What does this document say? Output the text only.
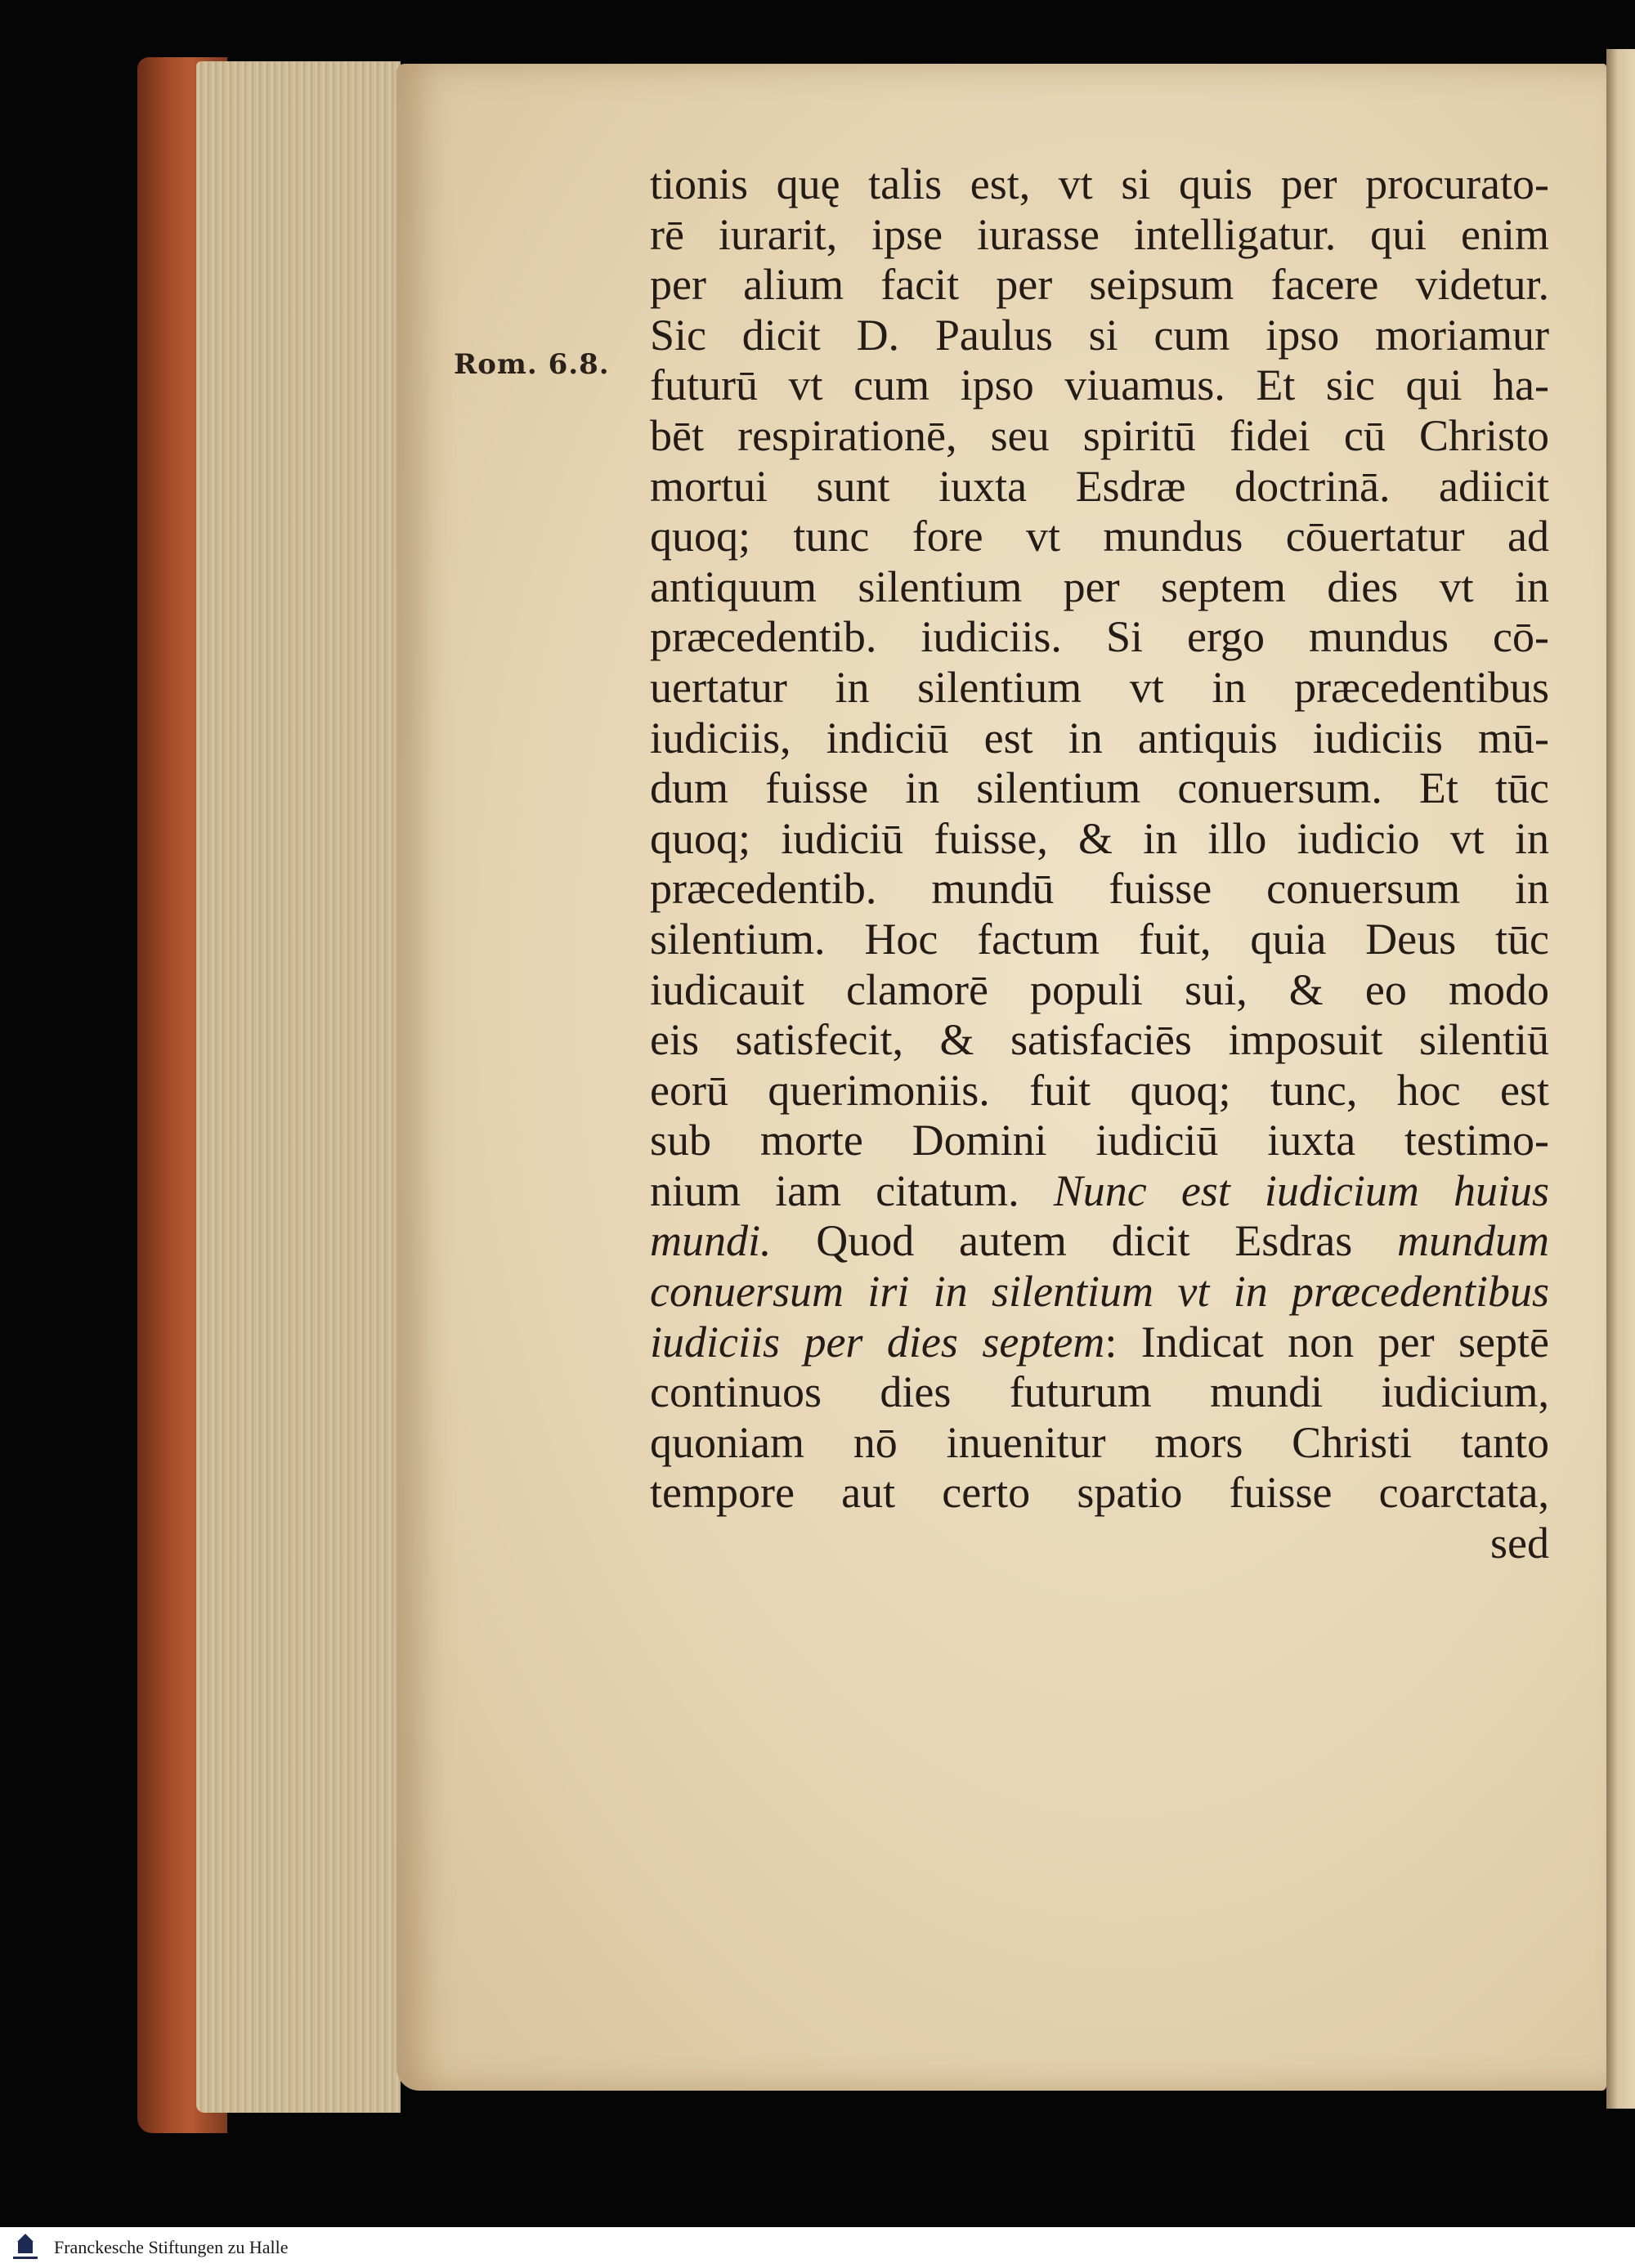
Rom. 6.8.
tionis quę talis est, vt si quis per procurato-
rē iurarit, ipse iurasse intelligatur. qui enim
per alium facit per seipsum facere videtur.
Sic dicit D. Paulus si cum ipso moriamur
futurū vt cum ipso viuamus. Et sic qui ha-
bēt respirationē, seu spiritū fidei cū Christo
mortui sunt iuxta Esdræ doctrinā. adiicit
quoq; tunc fore vt mundus cōuertatur ad
antiquum silentium per septem dies vt in
præcedentib. iudiciis. Si ergo mundus cō-
uertatur in silentium vt in præcedentibus
iudiciis, indiciū est in antiquis iudiciis mū-
dum fuisse in silentium conuersum. Et tūc
quoq; iudiciū fuisse, & in illo iudicio vt in
præcedentib. mundū fuisse conuersum in
silentium. Hoc factum fuit, quia Deus tūc
iudicauit clamorē populi sui, & eo modo
eis satisfecit, & satisfaciēs imposuit silentiū
eorū querimoniis. fuit quoq; tunc, hoc est
sub morte Domini iudiciū iuxta testimo-
nium iam citatum. Nunc est iudicium huius
mundi. Quod autem dicit Esdras mundum
conuersum iri in silentium vt in præcedentibus
iudiciis per dies septem: Indicat non per septē
continuos dies futurum mundi iudicium,
quoniam nō inuenitur mors Christi tanto
tempore aut certo spatio fuisse coarctata,
sed
Franckesche Stiftungen zu Halle
